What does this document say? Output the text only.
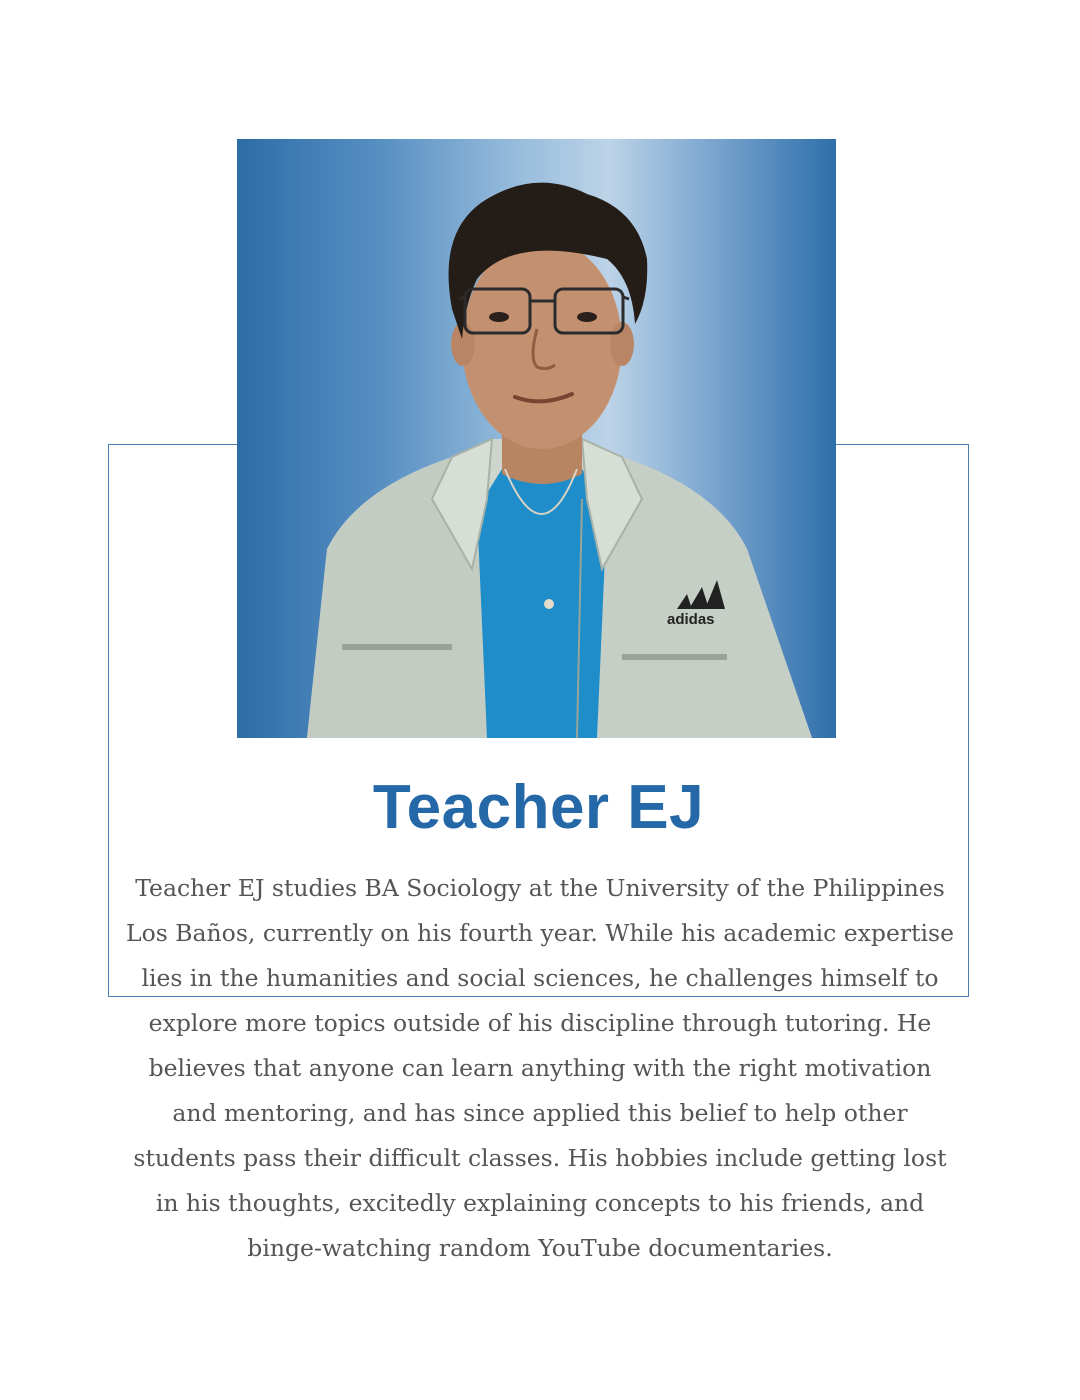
adidas
Teacher EJ
Teacher EJ studies BA Sociology at the University of the Philippines Los Baños, currently on his fourth year. While his academic expertise lies in the humanities and social sciences, he challenges himself to explore more topics outside of his discipline through tutoring. He believes that anyone can learn anything with the right motivation and mentoring, and has since applied this belief to help other students pass their difficult classes. His hobbies include getting lost in his thoughts, excitedly explaining concepts to his friends, and binge-watching random YouTube documentaries.
